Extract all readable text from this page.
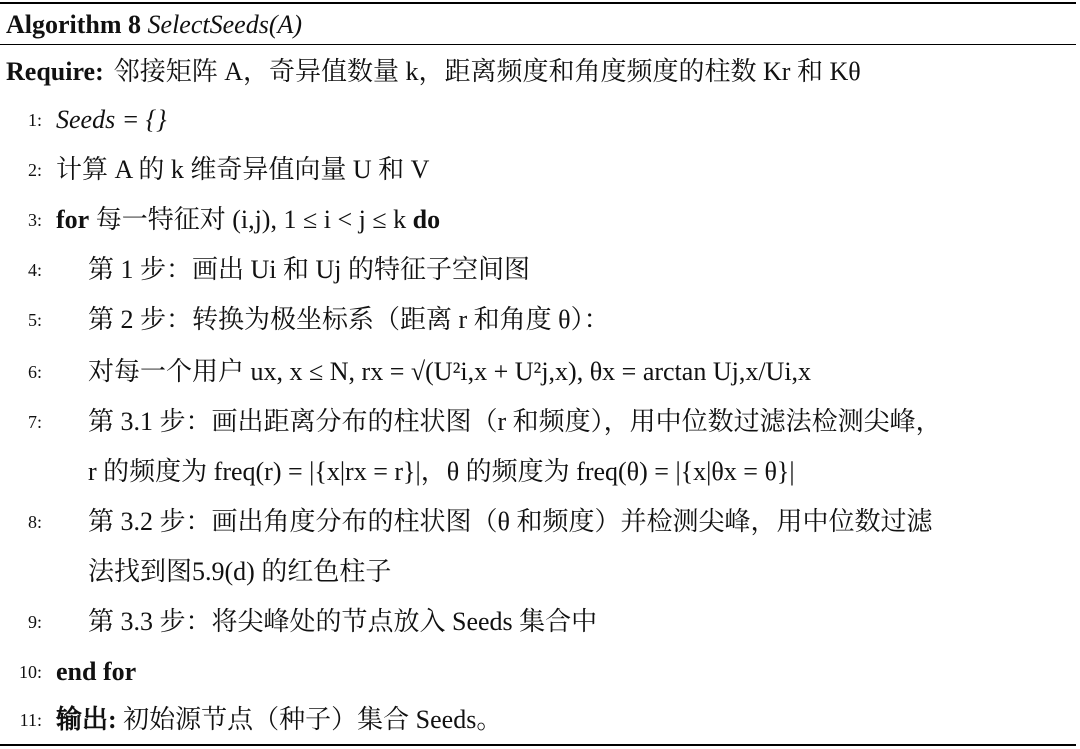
Algorithm 8 SelectSeeds(A)
Require: 邻接矩阵 A，奇异值数量 k，距离频度和角度频度的柱数 Kr 和 Kθ
1: Seeds = {}
2: 计算 A 的 k 维奇异值向量 U 和 V
3: for 每一特征对 (i,j), 1 ≤ i < j ≤ k do
4: 第 1 步：画出 Ui 和 Uj 的特征子空间图
5: 第 2 步：转换为极坐标系（距离 r 和角度 θ）：
6: 对每一个用户 ux, x ≤ N, rx = √(U²i,x + U²j,x), θx = arctan Uj,x/Ui,x
7: 第 3.1 步：画出距离分布的柱状图（r 和频度），用中位数过滤法检测尖峰，
r 的频度为 freq(r) = |{x|rx = r}|，θ 的频度为 freq(θ) = |{x|θx = θ}|
8: 第 3.2 步：画出角度分布的柱状图（θ 和频度）并检测尖峰，用中位数过滤
法找到图5.9(d) 的红色柱子
9: 第 3.3 步：将尖峰处的节点放入 Seeds 集合中
10: end for
11: 输出: 初始源节点（种子）集合 Seeds。
